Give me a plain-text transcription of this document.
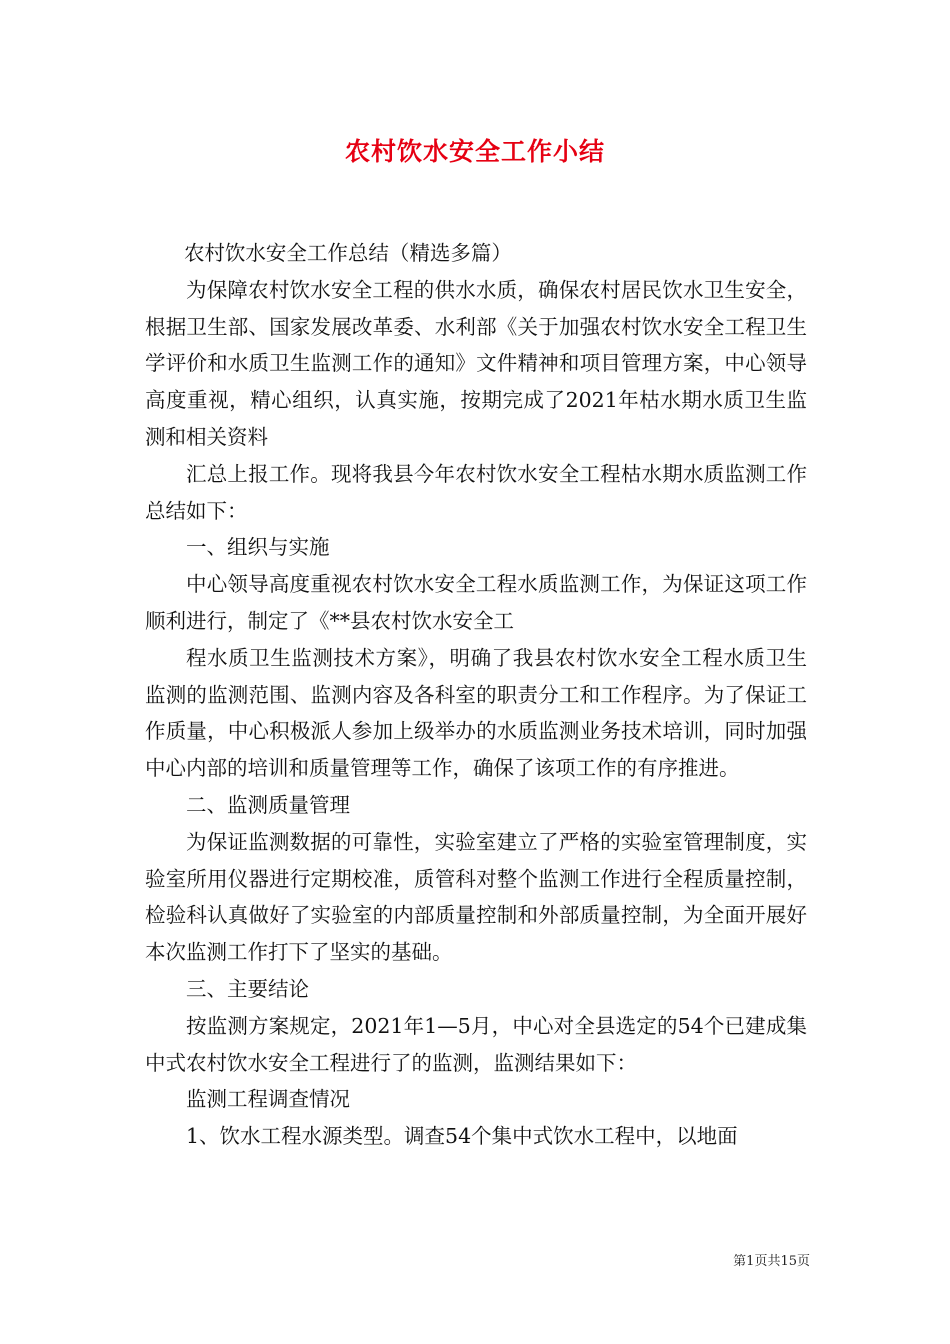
农村饮水安全工作小结

农村饮水安全工作总结（精选多篇）

为保障农村饮水安全工程的供水水质，确保农村居民饮水卫生安全，根据卫生部、国家发展改革委、水利部《关于加强农村饮水安全工程卫生学评价和水质卫生监测工作的通知》文件精神和项目管理方案，中心领导高度重视，精心组织，认真实施，按期完成了2021年枯水期水质卫生监测和相关资料

汇总上报工作。现将我县今年农村饮水安全工程枯水期水质监测工作总结如下：

一、组织与实施

中心领导高度重视农村饮水安全工程水质监测工作，为保证这项工作顺利进行，制定了《**县农村饮水安全工

程水质卫生监测技术方案》，明确了我县农村饮水安全工程水质卫生监测的监测范围、监测内容及各科室的职责分工和工作程序。为了保证工作质量，中心积极派人参加上级举办的水质监测业务技术培训，同时加强中心内部的培训和质量管理等工作，确保了该项工作的有序推进。

二、监测质量管理

为保证监测数据的可靠性，实验室建立了严格的实验室管理制度，实验室所用仪器进行定期校准，质管科对整个监测工作进行全程质量控制，检验科认真做好了实验室的内部质量控制和外部质量控制，为全面开展好本次监测工作打下了坚实的基础。

三、主要结论

按监测方案规定，2021年1—5月，中心对全县选定的54个已建成集中式农村饮水安全工程进行了的监测，监测结果如下：

监测工程调查情况

1、饮水工程水源类型。调查54个集中式饮水工程中，以地面

第1页共15页
